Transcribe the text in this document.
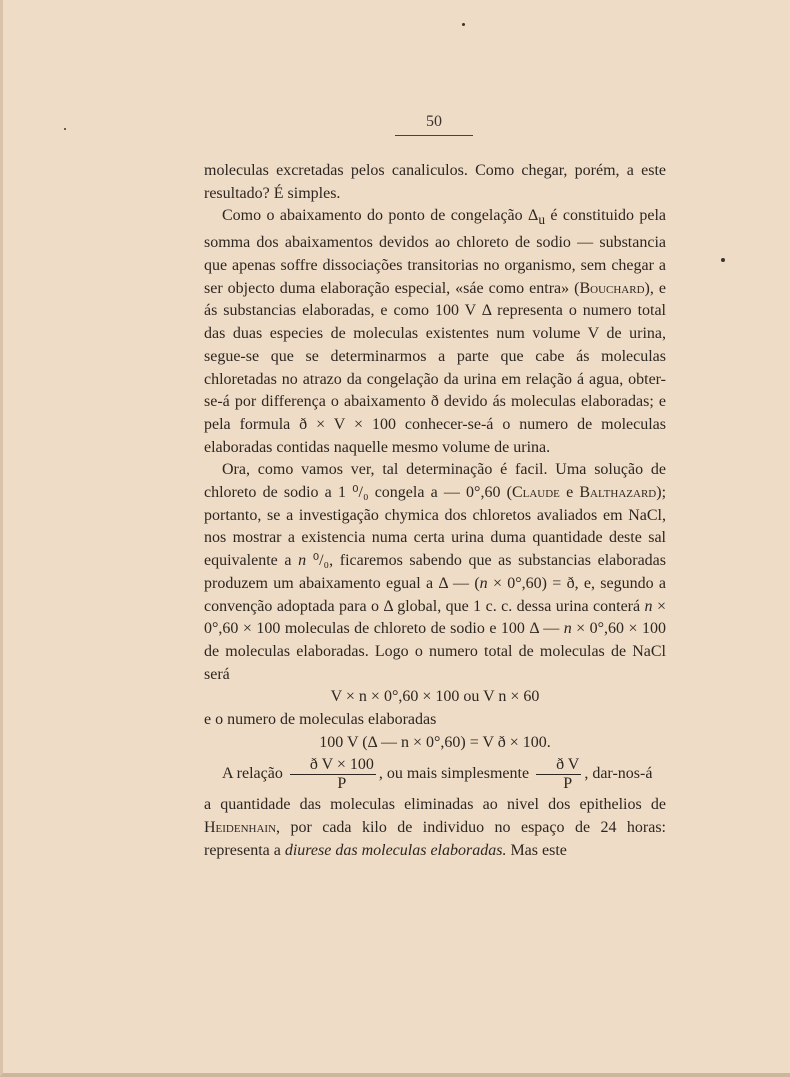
50

moleculas excretadas pelos canaliculos. Como chegar, porém, a este resultado? É simples.

Como o abaixamento do ponto de congelação $\Delta_u$ é constituido pela somma dos abaixamentos devidos ao chloreto de sodio — substancia que apenas soffre dissociações transitorias no organismo, sem chegar a ser objecto duma elaboração especial, «sáe como entra» (Bouchard), e ás substancias elaboradas, e como 100 V Δ representa o numero total das duas especies de moleculas existentes num volume V de urina, segue-se que se determinarmos a parte que cabe ás moleculas chloretadas no atrazo da congelação da urina em relação á agua, obter-se-á por differença o abaixamento ð devido ás moleculas elaboradas; e pela formula ð × V × 100 conhecer-se-á o numero de moleculas elaboradas contidas naquelle mesmo volume de urina.

Ora, como vamos ver, tal determinação é facil. Uma solução de chloreto de sodio a 1 ⁰/₀ congela a — 0°,60 (Claude e Balthazard); portanto, se a investigação chymica dos chloretos avaliados em NaCl, nos mostrar a existencia numa certa urina duma quantidade deste sal equivalente a n ⁰/₀, ficaremos sabendo que as substancias elaboradas produzem um abaixamento egual a Δ — (n × 0°,60) = ð, e, segundo a convenção adoptada para o Δ global, que 1 c. c. dessa urina conterá n × 0°,60 × 100 moleculas de chloreto de sodio e 100 Δ — n × 0°,60 × 100 de moleculas elaboradas. Logo o numero total de moleculas de NaCl será

V × n × 0°,60 × 100 ou V n × 60

e o numero de moleculas elaboradas

100 V (Δ — n × 0°,60) = V ð × 100.

A relação $\frac{\text{ð V × 100}}{P}$ , ou mais simplesmente $\frac{\text{ð V}}{P}$ , dar-nos-á

a quantidade das moleculas eliminadas ao nivel dos epithelios de Heidenhain, por cada kilo de individuo no espaço de 24 horas: representa a diurese das moleculas elaboradas. Mas este
